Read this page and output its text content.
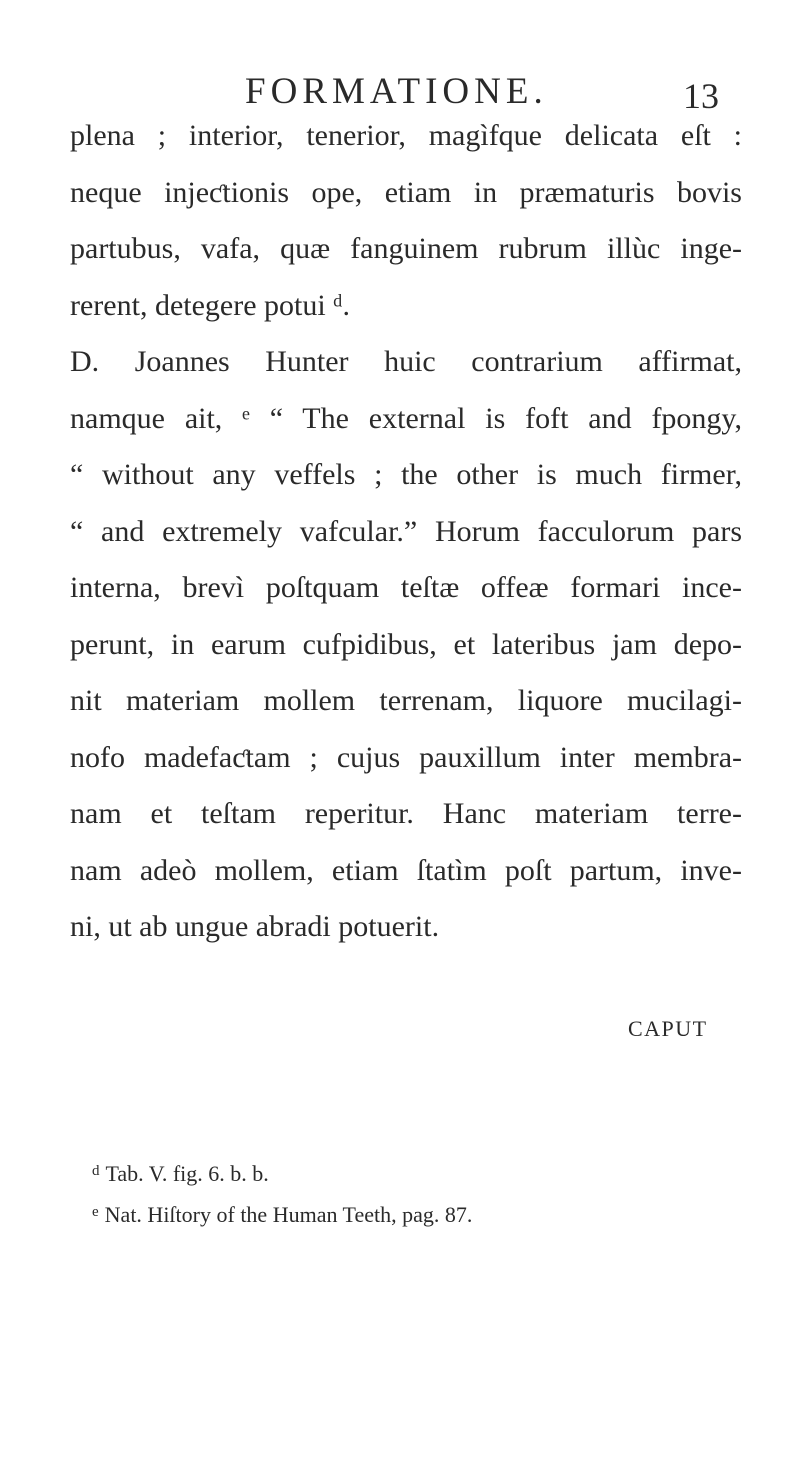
FORMATIONE.	13
plena ; interior, tenerior, magìfque delicata eſt :
neque injeƈtionis ope, etiam in præmaturis bovis
partubus, vafa, quæ fanguinem rubrum illùc inge-
rerent, detegere potui ᵈ.
D. Joannes Hunter huic contrarium affirmat,
namque ait, ᵉ “ The external is foft and fpongy,
“ without any veffels ; the other is much firmer,
“ and extremely vafcular.” Horum facculorum pars
interna, brevì poſtquam teſtæ offeæ formari ince-
perunt, in earum cufpidibus, et lateribus jam depo-
nit materiam mollem terrenam, liquore mucilagi-
nofo madefaƈtam ; cujus pauxillum inter membra-
nam et teſtam reperitur. Hanc materiam terre-
nam adeò mollem, etiam ſtatìm poſt partum, inve-
ni, ut ab ungue abradi potuerit.
CAPUT
$^d$ Tab. V. fig. 6. b. b.
$^e$ Nat. Hiſtory of the Human Teeth, pag. 87.
